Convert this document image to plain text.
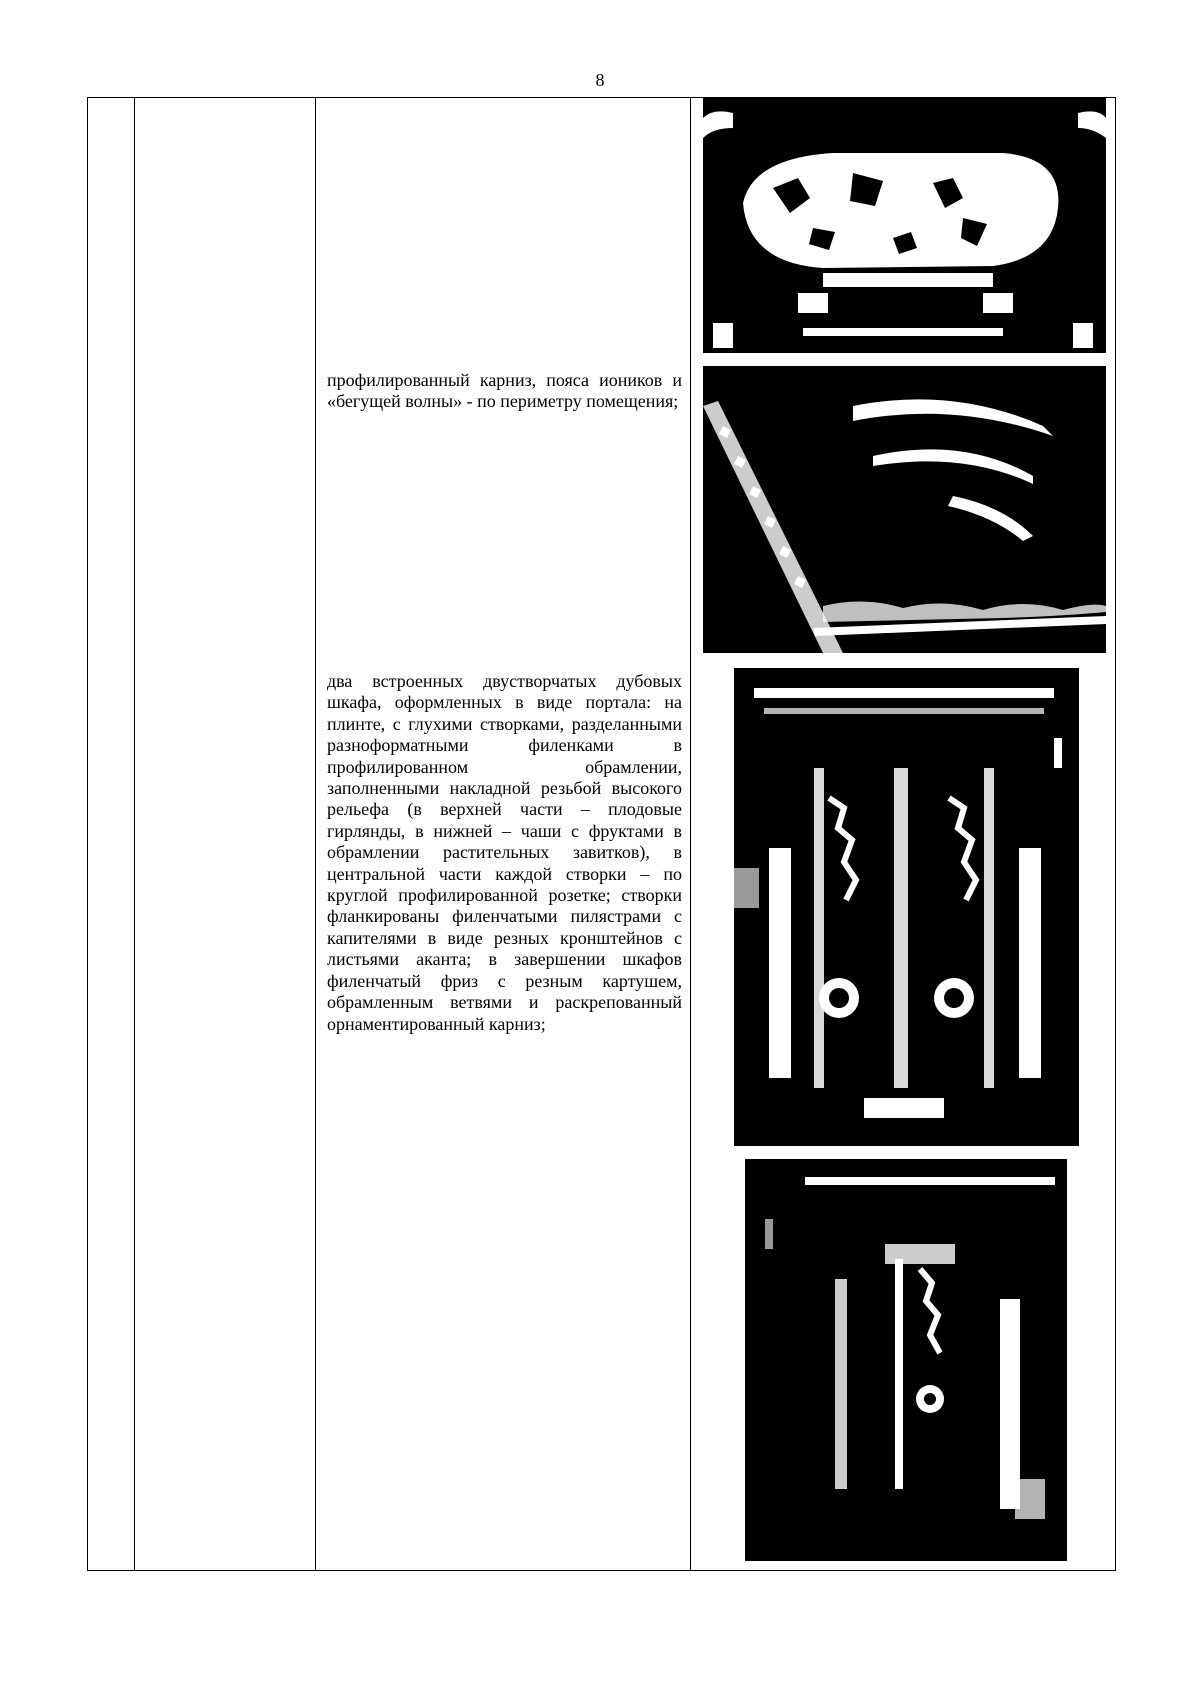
8

профилированный карниз, пояса иоников и «бегущей волны» - по периметру помещения;

два встроенных двустворчатых дубовых шкафа, оформленных в виде портала: на плинте, с глухими створками, разделанными разноформатными филенками в профилированном обрамлении, заполненными накладной резьбой высокого рельефа (в верхней части – плодовые гирлянды, в нижней – чаши с фруктами в обрамлении растительных завитков), в центральной части каждой створки – по круглой профилированной розетке; створки фланкированы филенчатыми пилястрами с капителями в виде резных кронштейнов с листьями аканта; в завершении шкафов филенчатый фриз с резным картушем, обрамленным ветвями и раскрепованный орнаментированный карниз;
